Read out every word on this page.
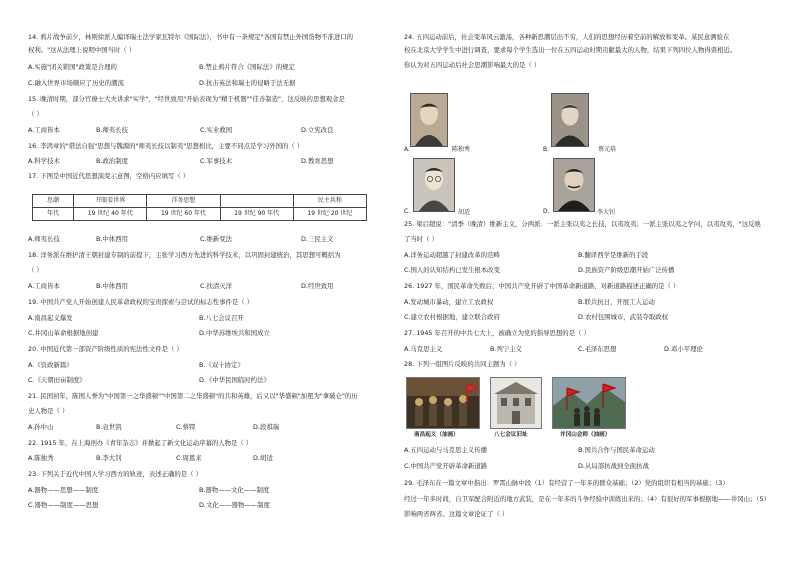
14. 鸦片战争前夕，林则徐派人编译瑞士法学家瓦特尔《国际法》，书中有一条规定"各国有禁止外国货物不准进口的
权利。"这从法理上说明中国当时（ ）
A.实施"闭关锁国"政策是合理的	B.禁止鸦片符合《国际法》的规定
C.融入世界市场顺应了历史的潮流	D.抗击英法和瑞士的侵略于法无据
15. 晚清时期，部分官僚士大夫讲求"实学"，"经世致用"开始表现为"精于机器""佳善制造"，这反映的思想观念是
（ ）
A.工商皆本	B.师夷长技	C.实业救国	D.立宪改良
16. 李鸿章的"借法自强"思想与魏源的"师夷长技以制夷"思想相比，主要不同点是学习外国的（ ）
A.科学技术	B.政治制度	C.军事技术	D.教育思想
17. 下图是中国近代思想演变示意图，空格内应填写（ ）
思潮	开眼看世界	洋务思想		民主共和
年代	19 世纪 40 年代	19 世纪 60 年代	19 世纪 90 年代	19 世纪 20 世纪
A.师夷长技	B.中体西用	C.维新变法	D.三民主义
18. 洋务派在维护清王朝封建专制的前提下，主张学习西方先进的科学技术，以巩固封建统治，其思想可概括为
（ ）
A.工商皆本	B.中体西用	C.扶清灭洋	D.经世致用
19. 中国共产党人开始创建人民革命政权的宝贵探索与尝试的标志性事件是（ ）
A.南昌起义爆发	B.八七会议召开
C.井冈山革命根据地创建	D.中华苏维埃共和国成立
20. 中国近代第一部资产阶级性质的宪法性文件是（ ）
A.《资政新篇》	B.《双十协定》
C.《天朝田亩制度》	D.《中华民国临时约法》
21. 民国初年，陈国人誉为"中国第一之华盛顿""中国第二之华盛顿"的共和英雄，后又以"华盛顿"加冕为"拿破仑"的历
史人物是（ ）
A.孙中山	B.袁世凯	C.蔡锷	D.段祺瑞
22. 1915 年，在上海创办《青年杂志》并掀起了新文化运动序幕的人物是（ ）
A.陈独秀	B.李大钊	C.周恩来	D.胡适
23. 下列关于近代中国人学习西方的轨迹，表述正确的是（ ）
A.器物——思想——制度	B.器物——文化——制度
C.器物——制度——思想	D.文化——器物——制度
24. 五四运动前后，社会变革风云激荡，各种新思潮层出不穷，人们的思想经历着空前的解放和变革。某民意测验在
校在北京大学学生中进行调查，要求每个学生选出一位在五四运动时期贡献最大的人物，结果下列四位人物得票相近。
你认为对五四运动后社会思潮影响最大的是（ ）
A.	陈独秀	B.	蔡元培
C.	胡适	D.	李大钊
25. 梁启超说："清季（晚清）维新主义，分两派：一派主张以夷之长技，以夷攻夷；一派主张以夷之学问，以夷攻夷，"这反映
了当时（ ）
A.洋务运动超越了封建改革的范畴	B.翻译西学是维新的手段
C.国人的认知结构已发生根本改变	D.民族资产阶级思潮开始广泛传播
26. 1927 年，国民革命失败后，中国共产党开辟了中国革命新道路，对新道路描述正确的是（ ）
A.发动城市暴动，建立工农政权	B.联共抗日，开展工人运动
C.建立农村根据地，建立联合政府	D.农村包围城市，武装夺取政权
27. 1945 年召开的中共七大上，被确立为党的指导思想的是（ ）
A.马克思主义	B.列宁主义	C.毛泽东思想	D.邓小平理论
28. 下列一组图片反映的共同主题为（ ）
南昌起义（油画）	八七会议旧址	井冈山会师（油画）
A.五四运动与马克思主义传播	B.国共合作与国民革命运动
C.中国共产党开辟革命新道路	D.从局部抗战到全面抗战
29. 毛泽东在一篇文章中指出：罗霄山脉中段（1）有经营了一年多的群众基础；（2）党的组织有相当的基础；（3）
经过一年多时间，自卫军配合附近的地方武装，是在一年多的斗争经验中训练出来的；（4）有很好的军事根据地——井冈山；（5）
影响两省两省。这篇文章论证了（ ）
